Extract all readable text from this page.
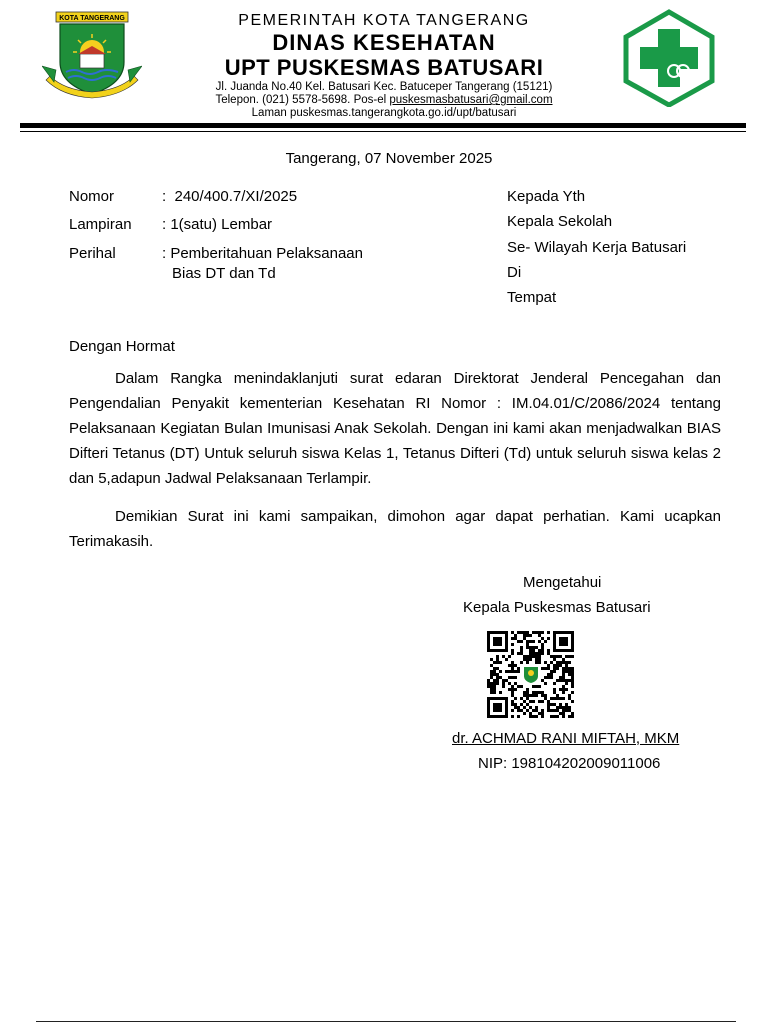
KOTA TANGERANG	PEMERINTAH KOTA TANGERANG
DINAS KESEHATAN
UPT PUSKESMAS BATUSARI
Jl. Juanda No.40 Kel. Batusari Kec. Batuceper Tangerang (15121)
Telepon. (021) 5578-5698. Pos-el puskesmasbatusari@gmail.com
Laman puskesmas.tangerangkota.go.id/upt/batusari
Tangerang, 07 November 2025
Nomor	:  240/400.7/XI/2025
Lampiran : 1(satu) Lembar
Perihal	: Pemberitahuan Pelaksanaan
Bias DT dan Td
Kepada Yth
Kepala Sekolah
Se- Wilayah Kerja Batusari
Di
Tempat
Dengan Hormat

Dalam Rangka menindaklanjuti surat edaran Direktorat Jenderal Pencegahan dan Pengendalian Penyakit kementerian Kesehatan RI Nomor : IM.04.01/C/2086/2024 tentang Pelaksanaan Kegiatan Bulan Imunisasi Anak Sekolah. Dengan ini kami akan menjadwalkan BIAS Difteri Tetanus (DT) Untuk seluruh siswa Kelas 1, Tetanus Difteri (Td) untuk seluruh siswa kelas 2 dan 5,adapun Jadwal Pelaksanaan Terlampir.

Demikian Surat ini kami sampaikan, dimohon agar dapat perhatian. Kami ucapkan Terimakasih.

Mengetahui
Kepala Puskesmas Batusari
dr. ACHMAD RANI MIFTAH, MKM
NIP: 198104202009011006
